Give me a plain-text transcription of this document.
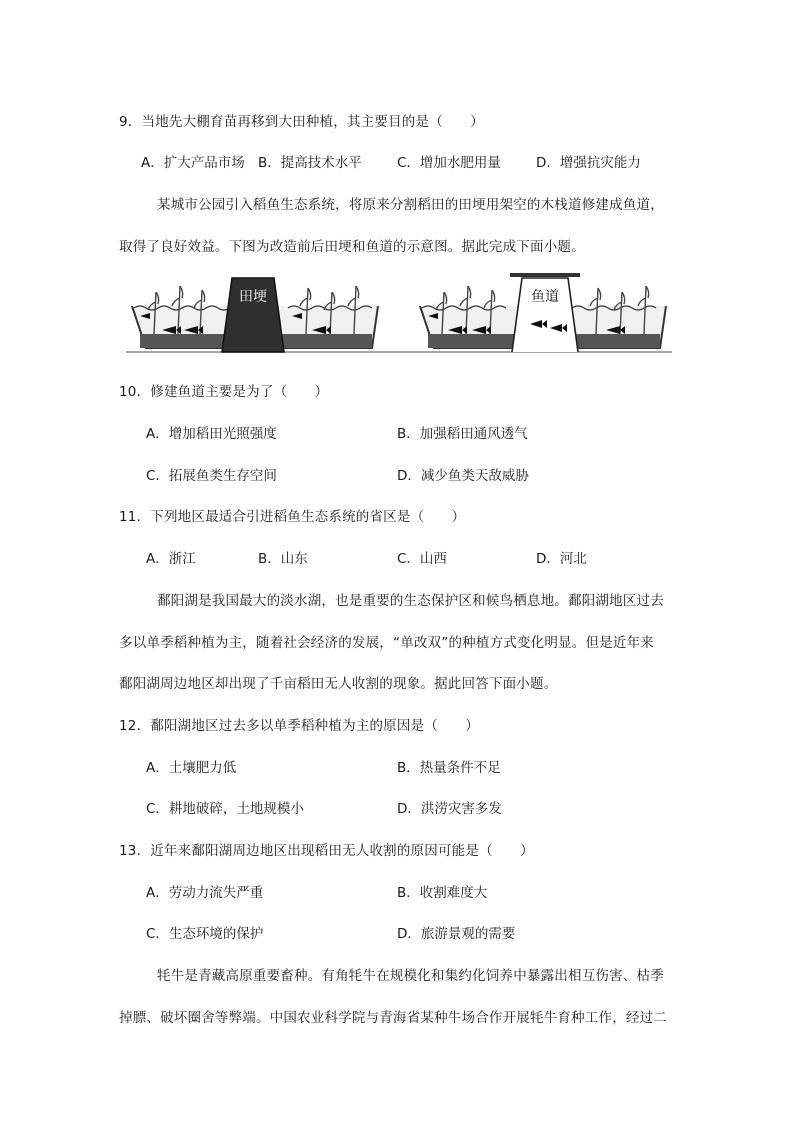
9．当地先大棚育苗再移到大田种植，其主要目的是（　　）
A．扩大产品市场 B．提高技术水平	C．增加水肥用量	D．增强抗灾能力
某城市公园引入稻鱼生态系统，将原来分割稻田的田埂用架空的木栈道修建成鱼道，
取得了良好效益。下图为改造前后田埂和鱼道的示意图。据此完成下面小题。
田埂	鱼道
10．修建鱼道主要是为了（　　）
A．增加稻田光照强度	B．加强稻田通风透气
C．拓展鱼类生存空间	D．减少鱼类天敌威胁
11．下列地区最适合引进稻鱼生态系统的省区是（　　）
A．浙江	B．山东	C．山西	D．河北
鄱阳湖是我国最大的淡水湖，也是重要的生态保护区和候鸟栖息地。鄱阳湖地区过去
多以单季稻种植为主，随着社会经济的发展，“单改双”的种植方式变化明显。但是近年来
鄱阳湖周边地区却出现了千亩稻田无人收割的现象。据此回答下面小题。
12．鄱阳湖地区过去多以单季稻种植为主的原因是（　　）
A．土壤肥力低	B．热量条件不足
C．耕地破碎，土地规模小	D．洪涝灾害多发
13．近年来鄱阳湖周边地区出现稻田无人收割的原因可能是（　　）
A．劳动力流失严重	B．收割难度大
C．生态环境的保护	D．旅游景观的需要
牦牛是青藏高原重要畜种。有角牦牛在规模化和集约化饲养中暴露出相互伤害、枯季
掉膘、破坏圈舍等弊端。中国农业科学院与青海省某种牛场合作开展牦牛育种工作，经过二
